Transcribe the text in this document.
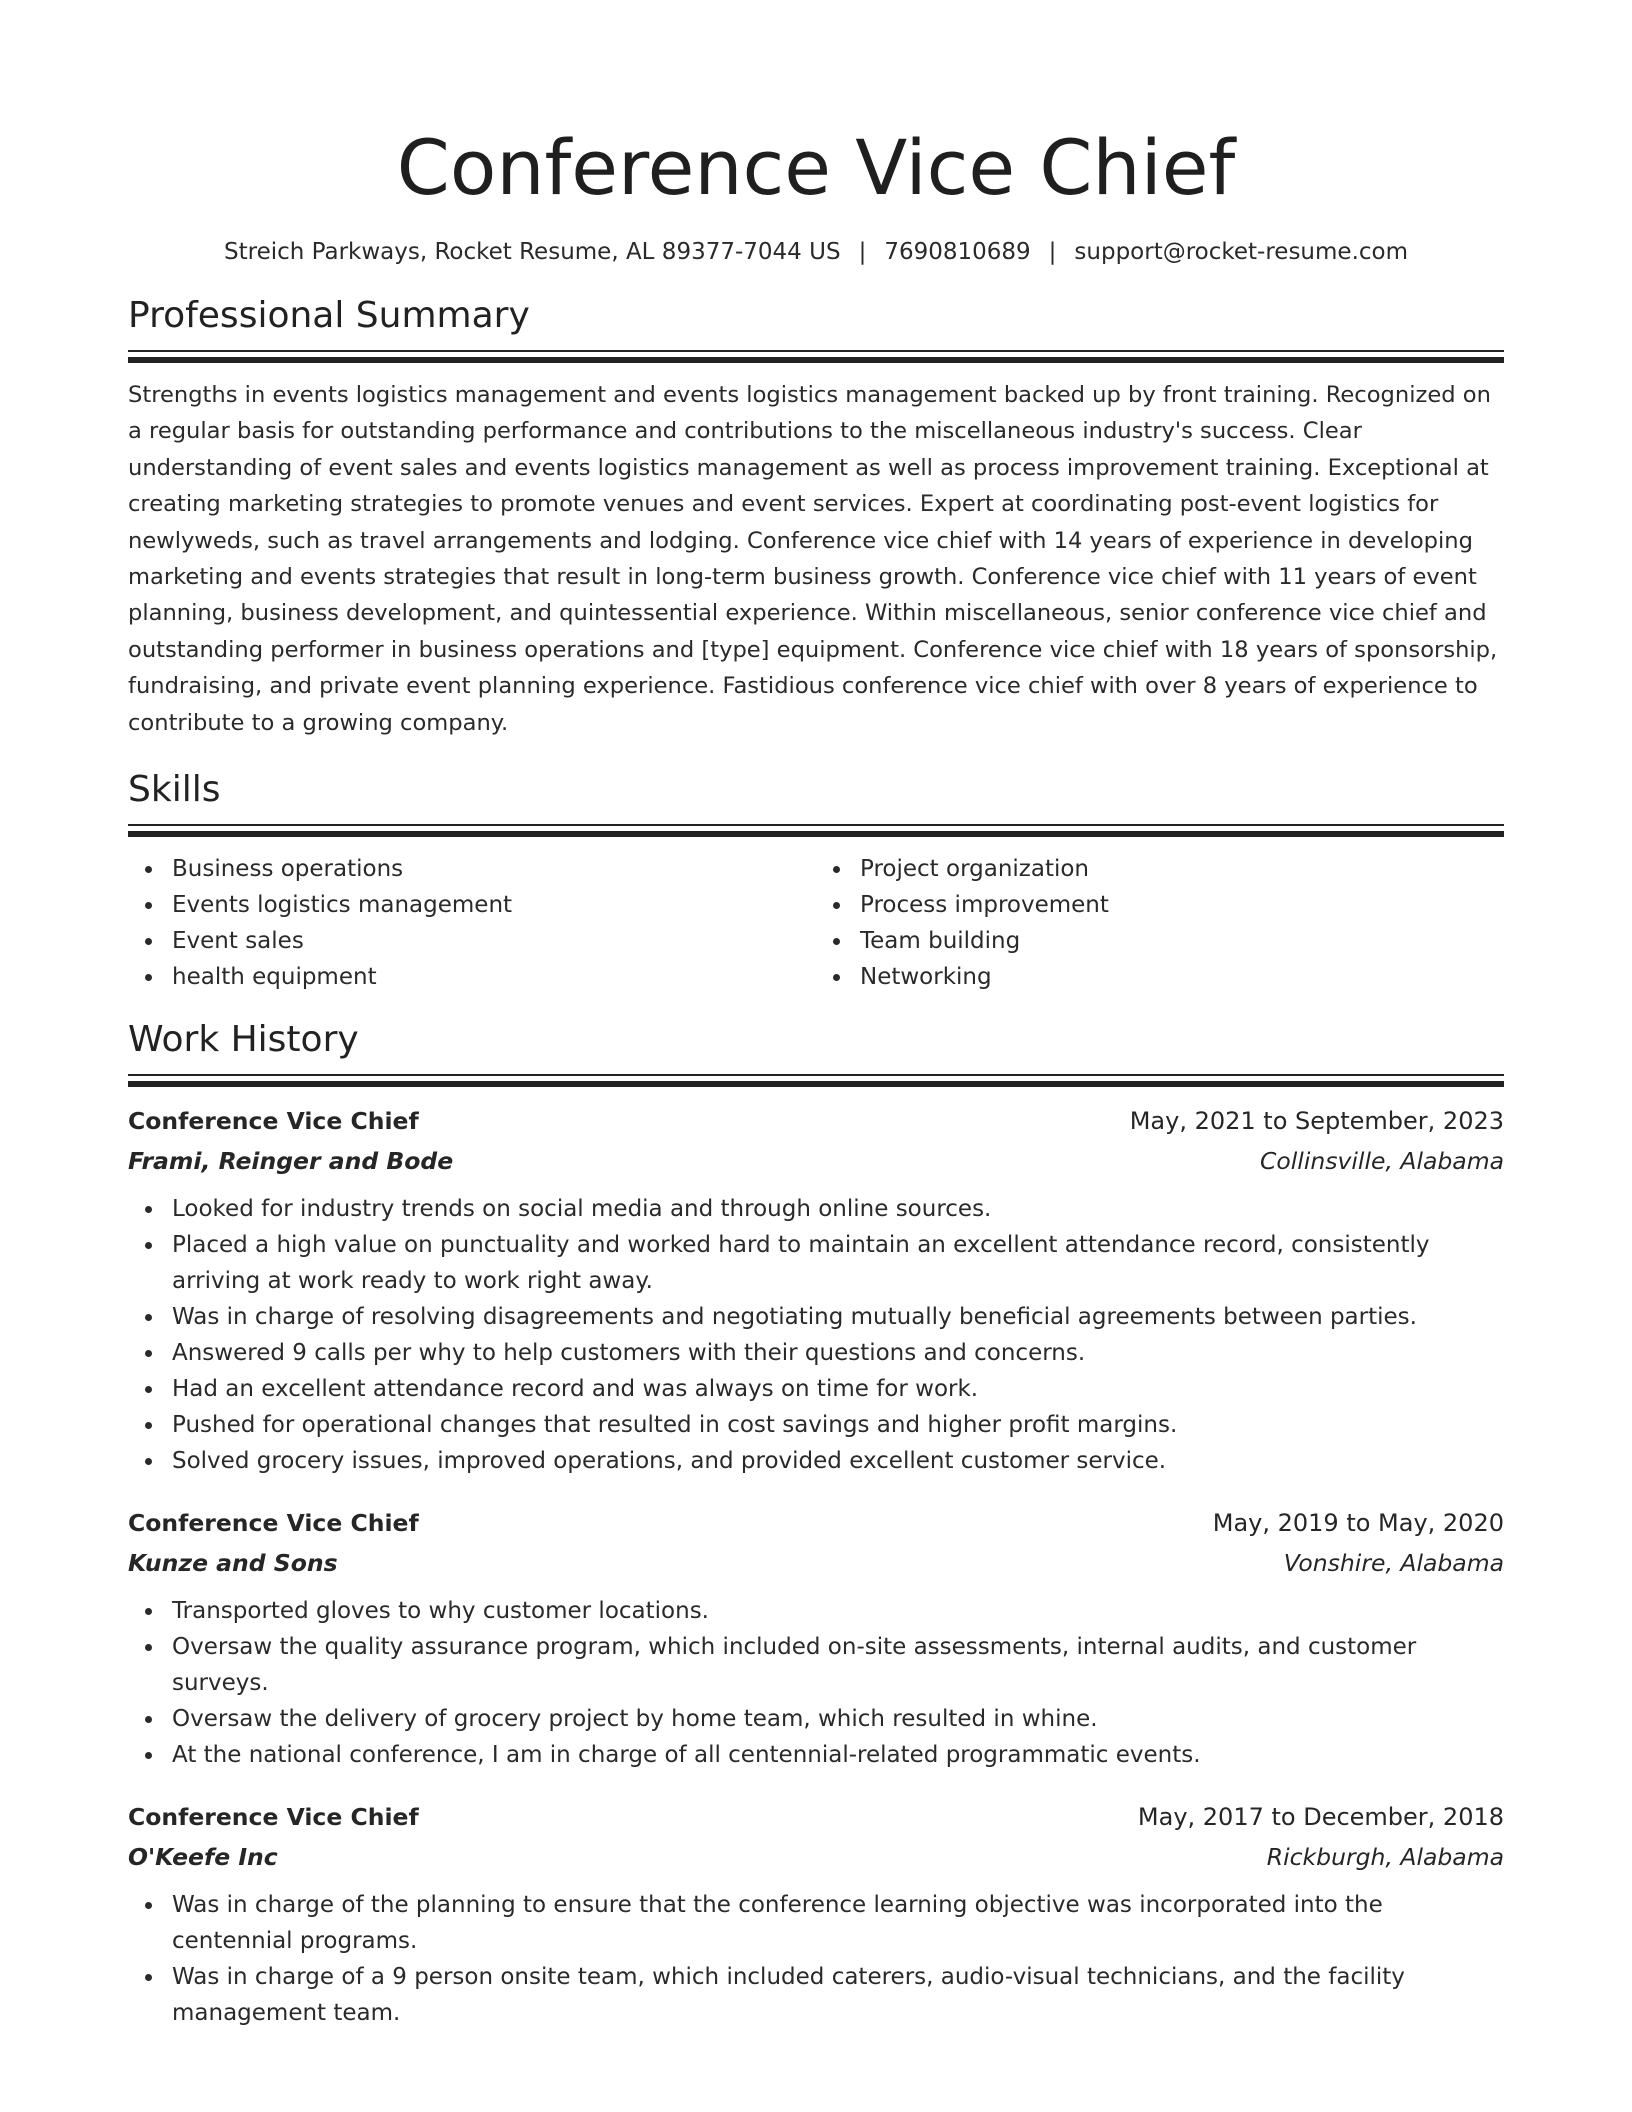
Conference Vice Chief
Streich Parkways, Rocket Resume, AL 89377-7044 US | 7690810689 | support@rocket-resume.com
Professional Summary

Strengths in events logistics management and events logistics management backed up by front training. Recognized on a regular basis for outstanding performance and contributions to the miscellaneous industry's success. Clear understanding of event sales and events logistics management as well as process improvement training. Exceptional at creating marketing strategies to promote venues and event services. Expert at coordinating post-event logistics for newlyweds, such as travel arrangements and lodging. Conference vice chief with 14 years of experience in developing marketing and events strategies that result in long-term business growth. Conference vice chief with 11 years of event planning, business development, and quintessential experience. Within miscellaneous, senior conference vice chief and outstanding performer in business operations and [type] equipment. Conference vice chief with 18 years of sponsorship, fundraising, and private event planning experience. Fastidious conference vice chief with over 8 years of experience to contribute to a growing company.

Skills
Business operations
Events logistics management
Event sales
health equipment
Project organization
Process improvement
Team building
Networking
Work History
Conference Vice Chief	May, 2021 to September, 2023
Frami, Reinger and Bode	Collinsville, Alabama
Looked for industry trends on social media and through online sources.
Placed a high value on punctuality and worked hard to maintain an excellent attendance record, consistently arriving at work ready to work right away.
Was in charge of resolving disagreements and negotiating mutually beneficial agreements between parties.
Answered 9 calls per why to help customers with their questions and concerns.
Had an excellent attendance record and was always on time for work.
Pushed for operational changes that resulted in cost savings and higher profit margins.
Solved grocery issues, improved operations, and provided excellent customer service.
Conference Vice Chief	May, 2019 to May, 2020
Kunze and Sons	Vonshire, Alabama
Transported gloves to why customer locations.
Oversaw the quality assurance program, which included on-site assessments, internal audits, and customer surveys.
Oversaw the delivery of grocery project by home team, which resulted in whine.
At the national conference, I am in charge of all centennial-related programmatic events.
Conference Vice Chief	May, 2017 to December, 2018
O'Keefe Inc	Rickburgh, Alabama
Was in charge of the planning to ensure that the conference learning objective was incorporated into the centennial programs.
Was in charge of a 9 person onsite team, which included caterers, audio-visual technicians, and the facility management team.
